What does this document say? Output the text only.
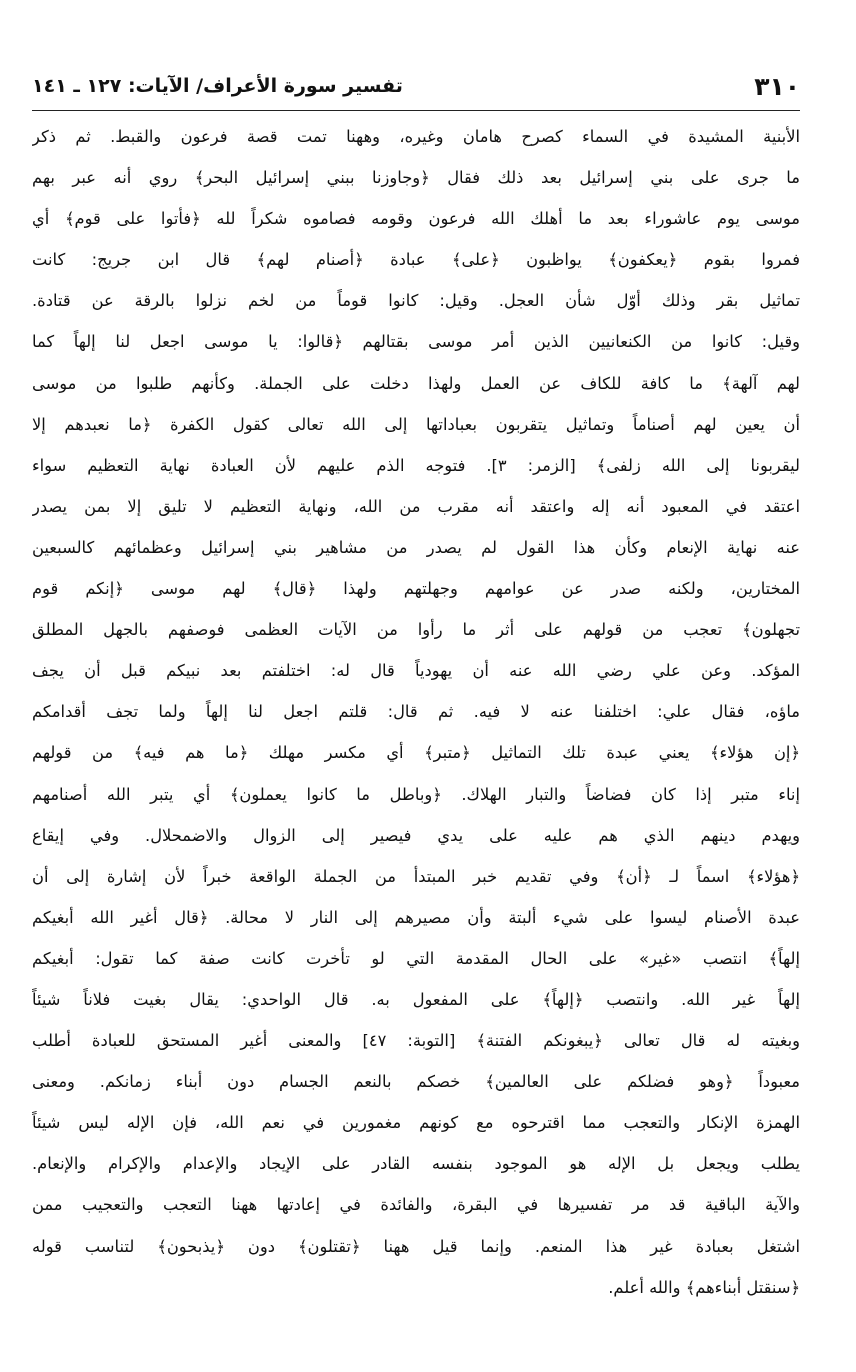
٣١٠
تفسير سورة الأعراف/ الآيات: ١٢٧ ـ ١٤١
الأبنية المشيدة في السماء كصرح هامان وغيره، وههنا تمت قصة فرعون والقبط. ثم ذكر
ما جرى على بني إسرائيل بعد ذلك فقال ﴿وجاوزنا ببني إسرائيل البحر﴾ روي أنه عبر بهم
موسى يوم عاشوراء بعد ما أهلك الله فرعون وقومه فصاموه شكراً لله ﴿فأتوا على قوم﴾ أي
فمروا بقوم ﴿يعكفون﴾ يواظبون ﴿على﴾ عبادة ﴿أصنام لهم﴾ قال ابن جريج: كانت
تماثيل بقر وذلك أوّل شأن العجل. وقيل: كانوا قوماً من لخم نزلوا بالرقة عن قتادة.
وقيل: كانوا من الكنعانيين الذين أمر موسى بقتالهم ﴿قالوا: يا موسى اجعل لنا إلهاً كما
لهم آلهة﴾ ما كافة للكاف عن العمل ولهذا دخلت على الجملة. وكأنهم طلبوا من موسى
أن يعين لهم أصناماً وتماثيل يتقربون بعباداتها إلى الله تعالى كقول الكفرة ﴿ما نعبدهم إلا
ليقربونا إلى الله زلفى﴾ [الزمر: ٣]. فتوجه الذم عليهم لأن العبادة نهاية التعظيم سواء
اعتقد في المعبود أنه إله واعتقد أنه مقرب من الله، ونهاية التعظيم لا تليق إلا بمن يصدر
عنه نهاية الإنعام وكأن هذا القول لم يصدر من مشاهير بني إسرائيل وعظمائهم كالسبعين
المختارين، ولكنه صدر عن عوامهم وجهلتهم ولهذا ﴿قال﴾ لهم موسى ﴿إنكم قوم
تجهلون﴾ تعجب من قولهم على أثر ما رأوا من الآيات العظمى فوصفهم بالجهل المطلق
المؤكد. وعن علي رضي الله عنه أن يهودياً قال له: اختلفتم بعد نبيكم قبل أن يجف
ماؤه، فقال علي: اختلفنا عنه لا فيه. ثم قال: قلتم اجعل لنا إلهاً ولما تجف أقدامكم
﴿إن هؤلاء﴾ يعني عبدة تلك التماثيل ﴿متبر﴾ أي مكسر مهلك ﴿ما هم فيه﴾ من قولهم
إناء متبر إذا كان فضاضاً والتبار الهلاك. ﴿وباطل ما كانوا يعملون﴾ أي يتبر الله أصنامهم
ويهدم دينهم الذي هم عليه على يدي فيصير إلى الزوال والاضمحلال. وفي إيقاع
﴿هؤلاء﴾ اسماً لـ ﴿أن﴾ وفي تقديم خبر المبتدأ من الجملة الواقعة خبراً لأن إشارة إلى أن
عبدة الأصنام ليسوا على شيء ألبتة وأن مصيرهم إلى النار لا محالة. ﴿قال أغير الله أبغيكم
إلهاً﴾ انتصب «غير» على الحال المقدمة التي لو تأخرت كانت صفة كما تقول: أبغيكم
إلهاً غير الله. وانتصب ﴿إلهاً﴾ على المفعول به. قال الواحدي: يقال بغيت فلاناً شيئاً
وبغيته له قال تعالى ﴿يبغونكم الفتنة﴾ [التوبة: ٤٧] والمعنى أغير المستحق للعبادة أطلب
معبوداً ﴿وهو فضلكم على العالمين﴾ خصكم بالنعم الجسام دون أبناء زمانكم. ومعنى
الهمزة الإنكار والتعجب مما اقترحوه مع كونهم مغمورين في نعم الله، فإن الإله ليس شيئاً
يطلب ويجعل بل الإله هو الموجود بنفسه القادر على الإيجاد والإعدام والإكرام والإنعام.
والآية الباقية قد مر تفسيرها في البقرة، والفائدة في إعادتها ههنا التعجب والتعجيب ممن
اشتغل بعبادة غير هذا المنعم. وإنما قيل ههنا ﴿تقتلون﴾ دون ﴿يذبحون﴾ لتناسب قوله
﴿سنقتل أبناءهم﴾ والله أعلم.
